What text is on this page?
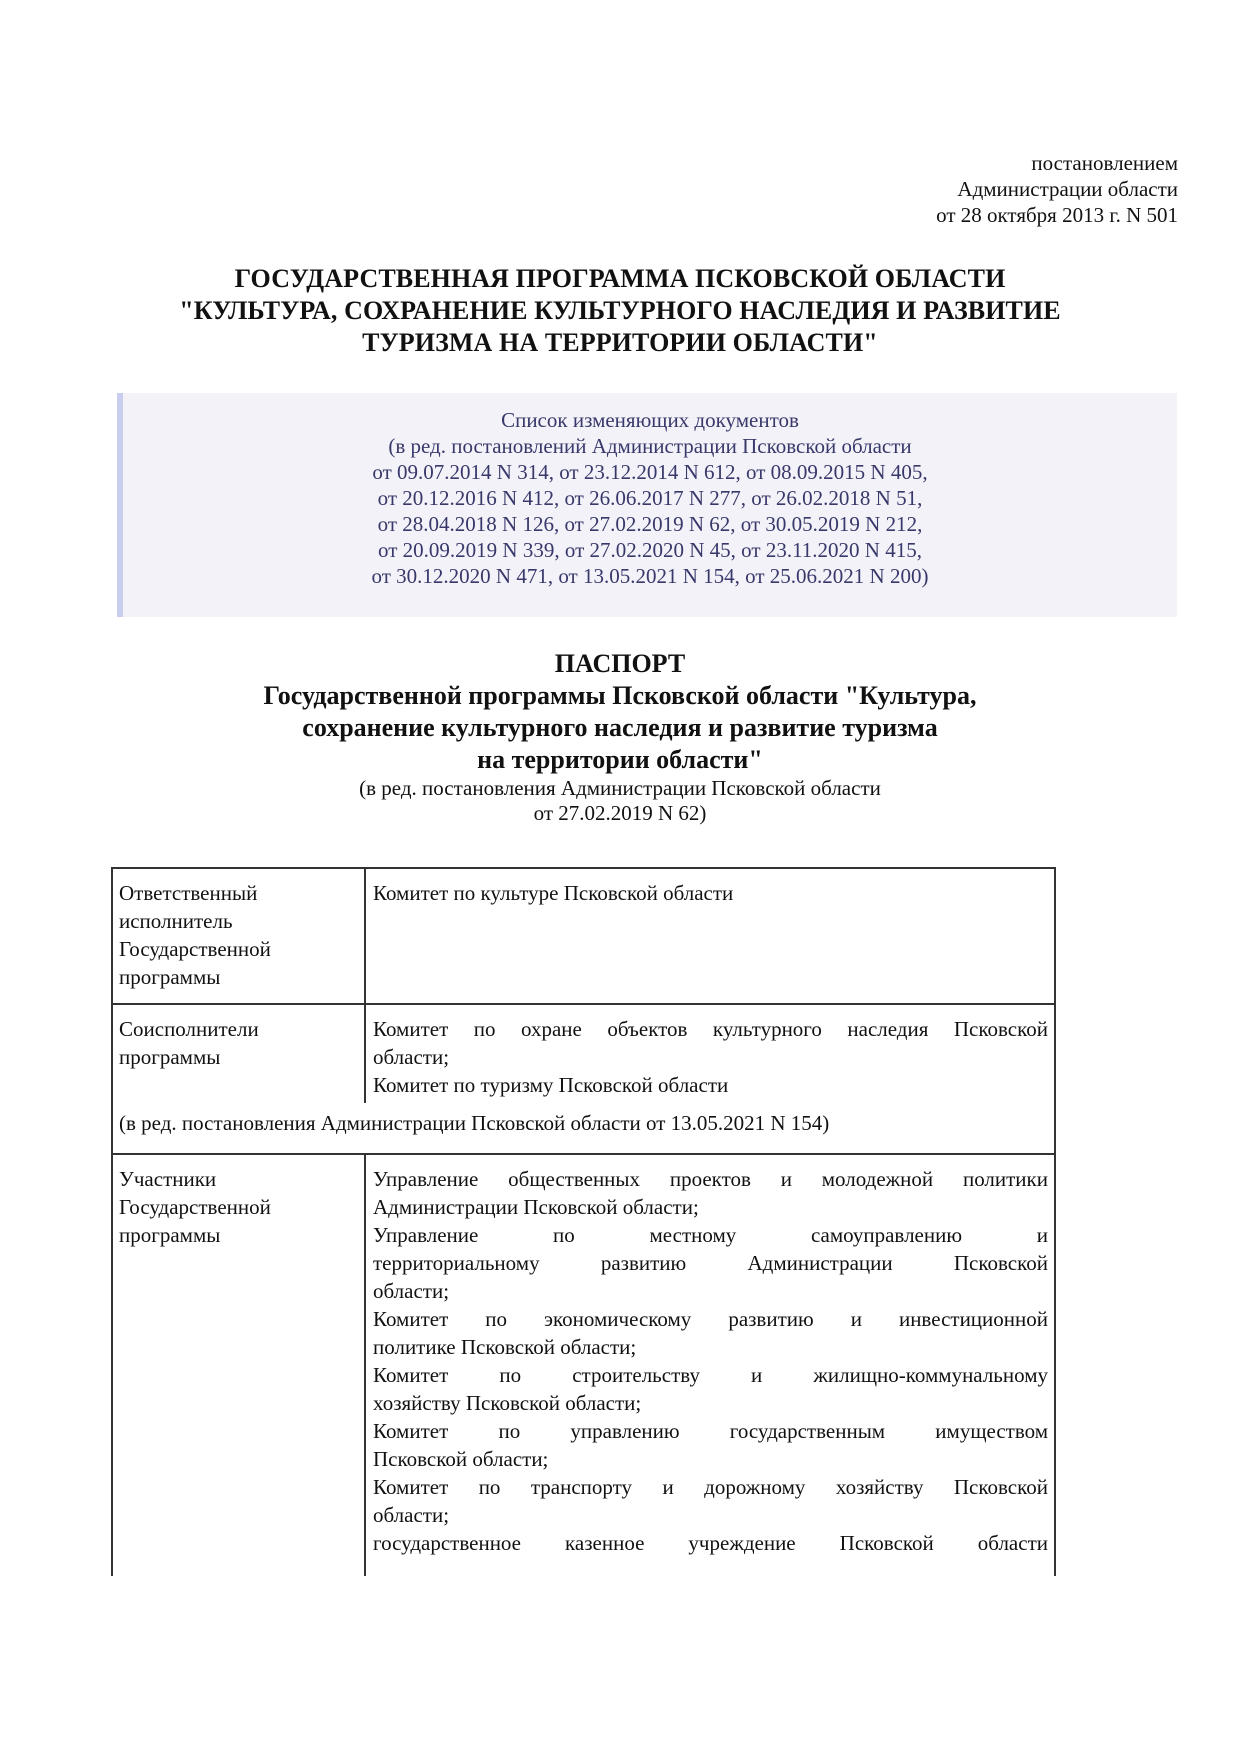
постановлением
Администрации области
от 28 октября 2013 г. N 501
ГОСУДАРСТВЕННАЯ ПРОГРАММА ПСКОВСКОЙ ОБЛАСТИ
"КУЛЬТУРА, СОХРАНЕНИЕ КУЛЬТУРНОГО НАСЛЕДИЯ И РАЗВИТИЕ
ТУРИЗМА НА ТЕРРИТОРИИ ОБЛАСТИ"
Список изменяющих документов
(в ред. постановлений Администрации Псковской области
от 09.07.2014 N 314, от 23.12.2014 N 612, от 08.09.2015 N 405,
от 20.12.2016 N 412, от 26.06.2017 N 277, от 26.02.2018 N 51,
от 28.04.2018 N 126, от 27.02.2019 N 62, от 30.05.2019 N 212,
от 20.09.2019 N 339, от 27.02.2020 N 45, от 23.11.2020 N 415,
от 30.12.2020 N 471, от 13.05.2021 N 154, от 25.06.2021 N 200)
ПАСПОРТ
Государственной программы Псковской области "Культура,
сохранение культурного наследия и развитие туризма
на территории области"
(в ред. постановления Администрации Псковской области
от 27.02.2019 N 62)
Ответственный
исполнитель
Государственной
программы
Комитет по культуре Псковской области
Соисполнители
программы
Комитет по охране объектов культурного наследия Псковской
области;
Комитет по туризму Псковской области
(в ред. постановления Администрации Псковской области от 13.05.2021 N 154)
Участники
Государственной
программы
Управление общественных проектов и молодежной политики
Администрации Псковской области;
Управление по местному самоуправлению и
территориальному развитию Администрации Псковской
области;
Комитет по экономическому развитию и инвестиционной
политике Псковской области;
Комитет по строительству и жилищно-коммунальному
хозяйству Псковской области;
Комитет по управлению государственным имуществом
Псковской области;
Комитет по транспорту и дорожному хозяйству Псковской
области;
государственное казенное учреждение Псковской области
